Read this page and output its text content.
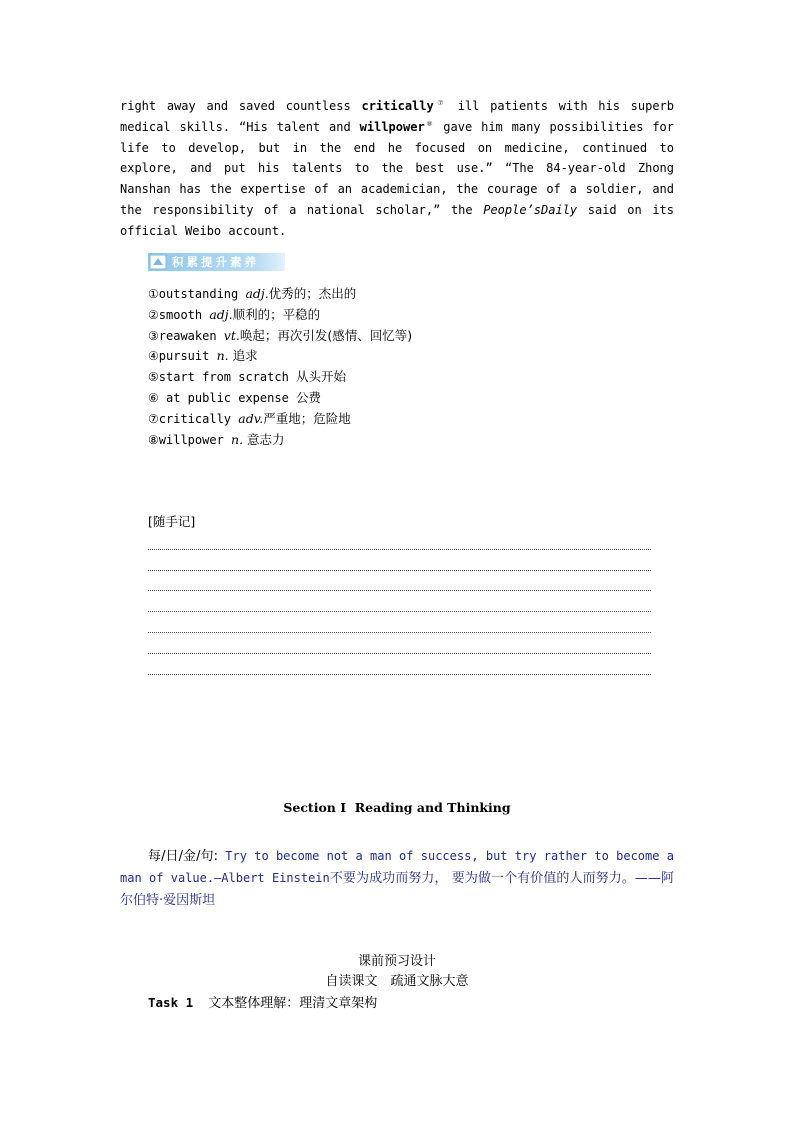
right away and saved countless critically⑦ ill patients with his superb medical skills. “His talent and willpower⑧ gave him many possibilities for life to develop, but in the end he focused on medicine, continued to explore, and put his talents to the best use.” “The 84-year-old Zhong Nanshan has the expertise of an academician, the courage of a soldier, and the responsibility of a national scholar,” the People’sDaily said on its official Weibo account.
积累提升素养
①outstanding adj.优秀的；杰出的
②smooth adj.顺利的；平稳的
③reawaken vt.唤起；再次引发(感情、回忆等)
④pursuit n. 追求
⑤start from scratch 从头开始
⑥ at public expense 公费
⑦critically adv.严重地；危险地
⑧willpower n. 意志力
[随手记]
Section Ⅰ  Reading and Thinking
每/日/金/句: Try to become not a man of success, but try rather to become a man of value.—Albert Einstein不要为成功而努力， 要为做一个有价值的人而努力。——阿尔伯特·爱因斯坦
课前预习设计
自读课文　疏通文脉大意
Task 1 文本整体理解：理清文章架构
